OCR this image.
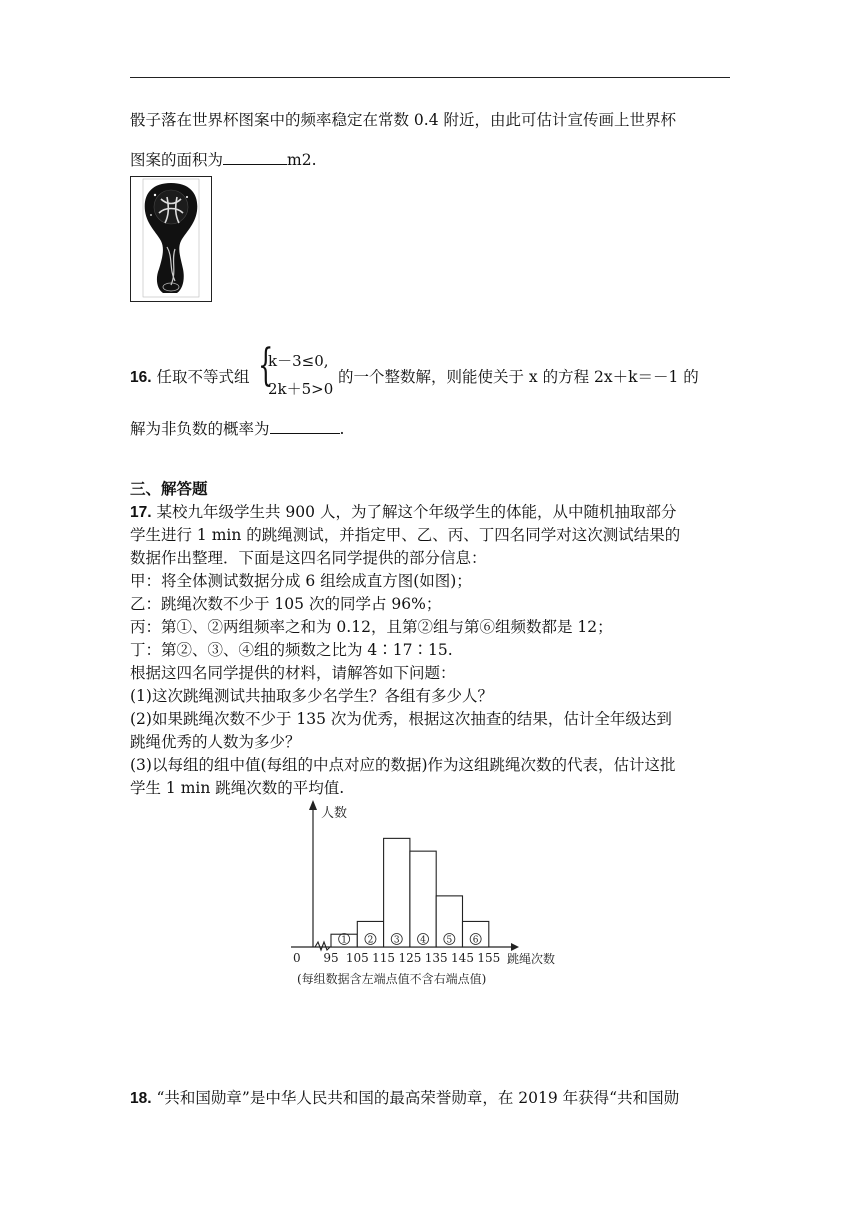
骰子落在世界杯图案中的频率稳定在常数 0.4 附近，由此可估计宣传画上世界杯
图案的面积为	m2.
16. 任取不等式组 {
k－3≤0,
2k＋5>0
的一个整数解，则能使关于 x 的方程 2x＋k＝－1 的
解为非负数的概率为	.
三、解答题
17. 某校九年级学生共 900 人，为了解这个年级学生的体能，从中随机抽取部分
学生进行 1 min 的跳绳测试，并指定甲、乙、丙、丁四名同学对这次测试结果的
数据作出整理．下面是这四名同学提供的部分信息：
甲：将全体测试数据分成 6 组绘成直方图(如图)；
乙：跳绳次数不少于 105 次的同学占 96%；
丙：第①、②两组频率之和为 0.12，且第②组与第⑥组频数都是 12；
丁：第②、③、④组的频数之比为 4∶17∶15.
根据这四名同学提供的材料，请解答如下问题：
(1)这次跳绳测试共抽取多少名学生？各组有多少人？
(2)如果跳绳次数不少于 135 次为优秀，根据这次抽查的结果，估计全年级达到
跳绳优秀的人数为多少？
(3)以每组的组中值(每组的中点对应的数据)作为这组跳绳次数的代表，估计这批
学生 1 min 跳绳次数的平均值.
1 2 3 4 5 6
95 105 115 125 135 145 155
0
人数
跳绳次数
(每组数据含左端点值不含右端点值)
18. “共和国勋章”是中华人民共和国的最高荣誉勋章，在 2019 年获得“共和国勋
